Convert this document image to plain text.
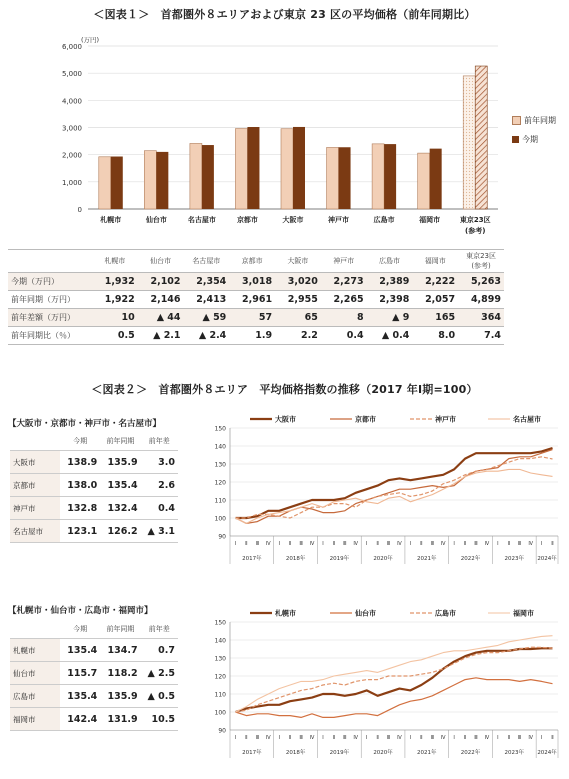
＜図表１＞　首都圏外８エリアおよび東京 23 区の平均価格（前年同期比）
0
1,000
2,000
3,000
4,000
5,000
6,000
(万円)
札幌市	仙台市	名古屋市	京都市	大阪市	神戸市	広島市	福岡市	東京23区
(参考)
前年同期
今期
	札幌市	仙台市	名古屋市	京都市	大阪市	神戸市	広島市	福岡市	東京23区
(参考)
今期（万円）	1,932	2,102	2,354	3,018	3,020	2,273	2,389	2,222	5,263
前年同期（万円）	1,922	2,146	2,413	2,961	2,955	2,265	2,398	2,057	4,899
前年差額（万円）	10	▲ 44	▲ 59	57	65	8	▲ 9	165	364
前年同期比（％）	0.5	▲ 2.1	▲ 2.4	1.9	2.2	0.4	▲ 0.4	8.0	7.4
＜図表２＞　首都圏外８エリア　平均価格指数の推移（2017 年Ⅰ期=100）
【大阪市・京都市・神戸市・名古屋市】
	今期	前年同期	前年差
大阪市	138.9	135.9	3.0
京都市	138.0	135.4	2.6
神戸市	132.8	132.4	0.4
名古屋市	123.1	126.2	▲ 3.1
【札幌市・仙台市・広島市・福岡市】
	今期	前年同期	前年差
札幌市	135.4	134.7	0.7
仙台市	115.7	118.2	▲ 2.5
広島市	135.4	135.9	▲ 0.5
福岡市	142.4	131.9	10.5
90
100
110
120
130
140
150
Ⅰ Ⅱ Ⅲ Ⅳ Ⅰ Ⅱ Ⅲ Ⅳ Ⅰ Ⅱ Ⅲ Ⅳ Ⅰ Ⅱ Ⅲ Ⅳ Ⅰ Ⅱ Ⅲ Ⅳ Ⅰ Ⅱ Ⅲ Ⅳ Ⅰ Ⅱ Ⅲ Ⅳ Ⅰ Ⅱ
2017年	2018年	2019年	2020年	2021年	2022年	2023年 2024年
大阪市	京都市	神戸市	名古屋市
90
100
110
120
130
140
150
Ⅰ Ⅱ Ⅲ Ⅳ Ⅰ Ⅱ Ⅲ Ⅳ Ⅰ Ⅱ Ⅲ Ⅳ Ⅰ Ⅱ Ⅲ Ⅳ Ⅰ Ⅱ Ⅲ Ⅳ Ⅰ Ⅱ Ⅲ Ⅳ Ⅰ Ⅱ Ⅲ Ⅳ Ⅰ Ⅱ
2017年	2018年	2019年	2020年	2021年	2022年	2023年 2024年
札幌市	仙台市	広島市	福岡市
